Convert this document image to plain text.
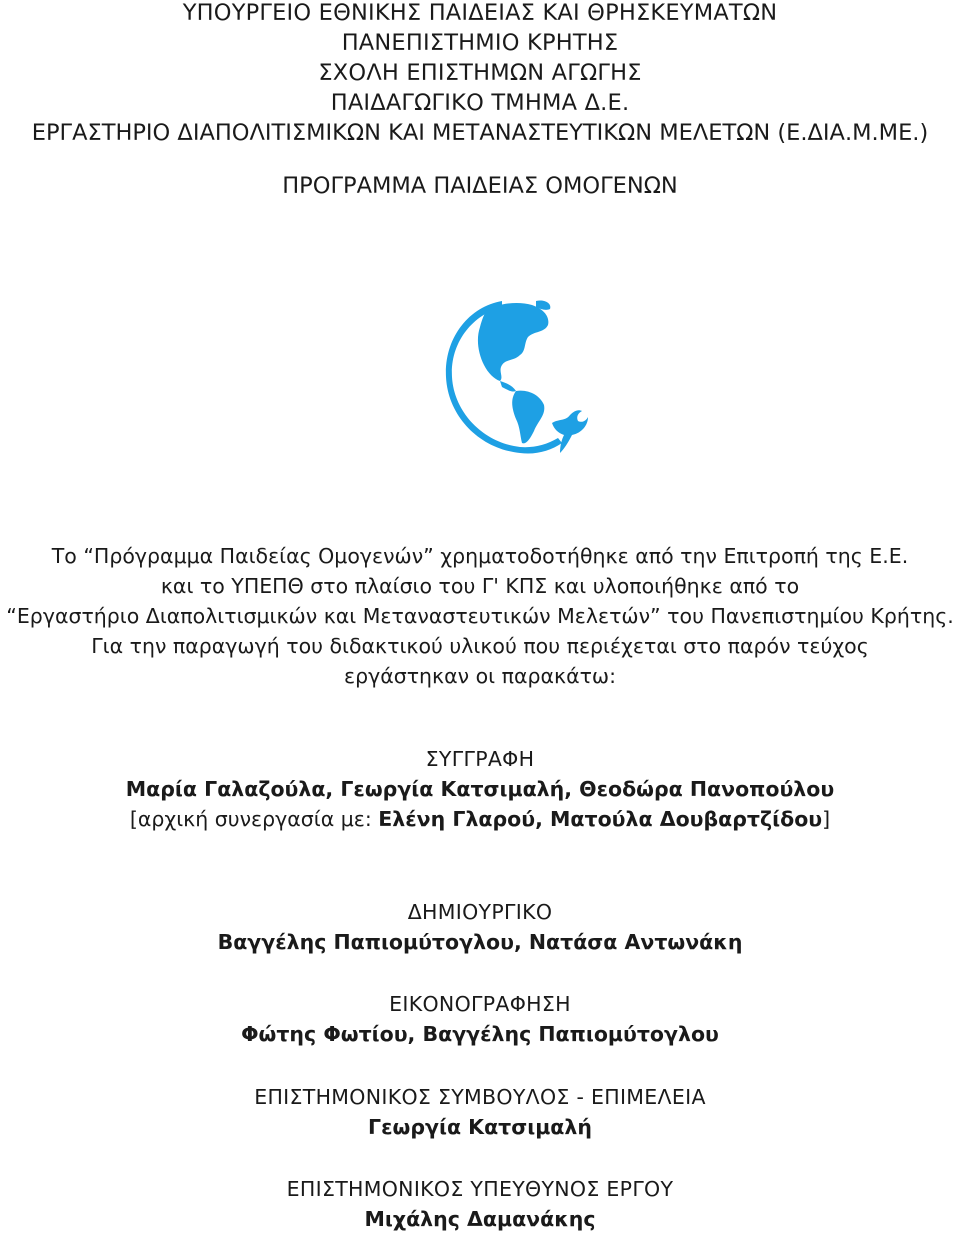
ΥΠΟΥΡΓΕΙΟ ΕΘΝΙΚΗΣ ΠΑΙΔΕΙΑΣ ΚΑΙ ΘΡΗΣΚΕΥΜΑΤΩΝ
ΠΑΝΕΠΙΣΤΗΜΙΟ ΚΡΗΤΗΣ
ΣΧΟΛΗ ΕΠΙΣΤΗΜΩΝ ΑΓΩΓΗΣ
ΠΑΙΔΑΓΩΓΙΚΟ ΤΜΗΜΑ Δ.Ε.
ΕΡΓΑΣΤΗΡΙΟ ΔΙΑΠΟΛΙΤΙΣΜΙΚΩΝ ΚΑΙ ΜΕΤΑΝΑΣΤΕΥΤΙΚΩΝ ΜΕΛΕΤΩΝ (Ε.ΔΙΑ.Μ.ΜΕ.)
ΠΡΟΓΡΑΜΜΑ ΠΑΙΔΕΙΑΣ ΟΜΟΓΕΝΩΝ
Το “Πρόγραμμα Παιδείας Ομογενών” χρηματοδοτήθηκε από την Επιτροπή της Ε.Ε.
και το ΥΠΕΠΘ στο πλαίσιο του Γ' ΚΠΣ και υλοποιήθηκε από το
“Εργαστήριο Διαπολιτισμικών και Μεταναστευτικών Μελετών” του Πανεπιστημίου Κρήτης.
Για την παραγωγή του διδακτικού υλικού που περιέχεται στο παρόν τεύχος
εργάστηκαν οι παρακάτω:
ΣΥΓΓΡΑΦΗ
Μαρία Γαλαζούλα, Γεωργία Κατσιμαλή, Θεοδώρα Πανοπούλου
[αρχική συνεργασία με: Ελένη Γλαρού, Ματούλα Δουβαρτζίδου]
ΔΗΜΙΟΥΡΓΙΚΟ
Βαγγέλης Παπιομύτογλου, Νατάσα Αντωνάκη
ΕΙΚΟΝΟΓΡΑΦΗΣΗ
Φώτης Φωτίου, Βαγγέλης Παπιομύτογλου
ΕΠΙΣΤΗΜΟΝΙΚΟΣ ΣΥΜΒΟΥΛΟΣ - ΕΠΙΜΕΛΕΙΑ
Γεωργία Κατσιμαλή
ΕΠΙΣΤΗΜΟΝΙΚΟΣ ΥΠΕΥΘΥΝΟΣ ΕΡΓΟΥ
Μιχάλης Δαμανάκης
